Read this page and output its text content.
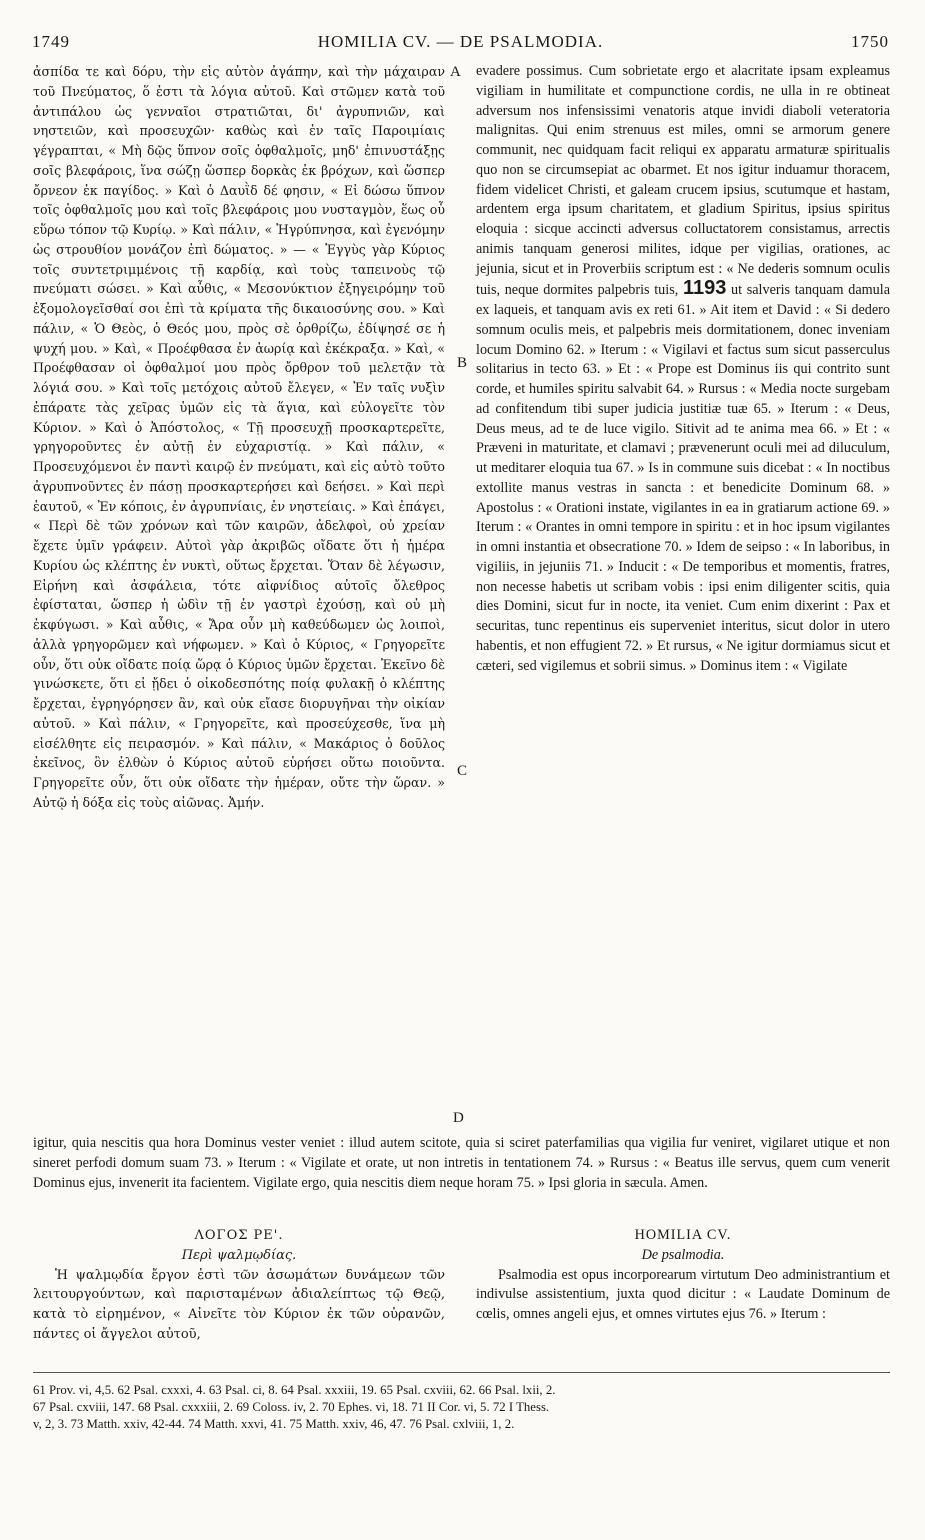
1749	HOMILIA CV. — DE PSALMODIA.	1750

ἀσπίδα τε καὶ δόρυ, τὴν εἰς αὐτὸν ἀγάπην, καὶ τὴν μάχαιραν τοῦ Πνεύματος, ὅ ἐστι τὰ λόγια αὐτοῦ. Καὶ στῶμεν κατὰ τοῦ ἀντιπάλου ὡς γενναῖοι στρατιῶται, δι' ἀγρυπνιῶν, καὶ νηστειῶν, καὶ προσευχῶν· καθὼς καὶ ἐν ταῖς Παροιμίαις γέγραπται, « Μὴ δῷς ὕπνον σοῖς ὀφθαλμοῖς, μηδ' ἐπινυστάξῃς σοῖς βλεφάροις, ἵνα σώζῃ ὥσπερ δορκὰς ἐκ βρόχων, καὶ ὥσπερ ὄρνεον ἐκ παγίδος. » Καὶ ὁ Δαυῒδ δέ φησιν, « Εἰ δώσω ὕπνον τοῖς ὀφθαλμοῖς μου καὶ τοῖς βλεφάροις μου νυσταγμὸν, ἕως οὗ εὕρω τόπον τῷ Κυρίῳ. » Καὶ πάλιν, « Ἠγρύπνησα, καὶ ἐγενόμην ὡς στρουθίον μονάζον ἐπὶ δώματος. » — « Ἐγγὺς γὰρ Κύριος τοῖς συντετριμμένοις τῇ καρδίᾳ, καὶ τοὺς ταπεινοὺς τῷ πνεύματι σώσει. » Καὶ αὖθις, « Μεσονύκτιον ἐξηγειρόμην τοῦ ἐξομολογεῖσθαί σοι ἐπὶ τὰ κρίματα τῆς δικαιοσύνης σου. » Καὶ πάλιν, « Ὁ Θεὸς, ὁ Θεός μου, πρὸς σὲ ὀρθρίζω, ἐδίψησέ σε ἡ ψυχή μου. » Καὶ, « Προέφθασα ἐν ἀωρίᾳ καὶ ἐκέκραξα. » Καὶ, « Προέφθασαν οἱ ὀφθαλμοί μου πρὸς ὄρθρον τοῦ μελετᾷν τὰ λόγιά σου. » Καὶ τοῖς μετόχοις αὐτοῦ ἔλεγεν, « Ἐν ταῖς νυξὶν ἐπάρατε τὰς χεῖρας ὑμῶν εἰς τὰ ἅγια, καὶ εὐλογεῖτε τὸν Κύριον. » Καὶ ὁ Ἀπόστολος, « Τῇ προσευχῇ προσκαρτερεῖτε, γρηγοροῦντες ἐν αὐτῇ ἐν εὐχαριστίᾳ. » Καὶ πάλιν, « Προσευχόμενοι ἐν παντὶ καιρῷ ἐν πνεύματι, καὶ εἰς αὐτὸ τοῦτο ἀγρυπνοῦντες ἐν πάσῃ προσκαρτερήσει καὶ δεήσει. » Καὶ περὶ ἑαυτοῦ, « Ἐν κόποις, ἐν ἀγρυπνίαις, ἐν νηστείαις. » Καὶ ἐπάγει, « Περὶ δὲ τῶν χρόνων καὶ τῶν καιρῶν, ἀδελφοὶ, οὐ χρείαν ἔχετε ὑμῖν γράφειν. Αὐτοὶ γὰρ ἀκριβῶς οἴδατε ὅτι ἡ ἡμέρα Κυρίου ὡς κλέπτης ἐν νυκτὶ, οὕτως ἔρχεται. Ὅταν δὲ λέγωσιν, Εἰρήνη καὶ ἀσφάλεια, τότε αἰφνίδιος αὐτοῖς ὄλεθρος ἐφίσταται, ὥσπερ ἡ ὠδὶν τῇ ἐν γαστρὶ ἐχούσῃ, καὶ οὐ μὴ ἐκφύγωσι. » Καὶ αὖθις, « Ἄρα οὖν μὴ καθεύδωμεν ὡς λοιποὶ, ἀλλὰ γρηγορῶμεν καὶ νήφωμεν. » Καὶ ὁ Κύριος, « Γρηγορεῖτε οὖν, ὅτι οὐκ οἴδατε ποίᾳ ὥρᾳ ὁ Κύριος ὑμῶν ἔρχεται. Ἐκεῖνο δὲ γινώσκετε, ὅτι εἰ ᾔδει ὁ οἰκοδεσπότης ποίᾳ φυλακῇ ὁ κλέπτης ἔρχεται, ἐγρηγόρησεν ἂν, καὶ οὐκ εἴασε διορυγῆναι τὴν οἰκίαν αὐτοῦ. » Καὶ πάλιν, « Γρηγορεῖτε, καὶ προσεύχεσθε, ἵνα μὴ εἰσέλθητε εἰς πειρασμόν. » Καὶ πάλιν, « Μακάριος ὁ δοῦλος ἐκεῖνος, ὃν ἐλθὼν ὁ Κύριος αὐτοῦ εὑρήσει οὕτω ποιοῦντα. Γρηγορεῖτε οὖν, ὅτι οὐκ οἴδατε τὴν ἡμέραν, οὔτε τὴν ὥραν. » Αὐτῷ ἡ δόξα εἰς τοὺς αἰῶνας. Ἀμήν.

evadere possimus. Cum sobrietate ergo et alacritate ipsam expleamus vigiliam in humilitate et compunctione cordis, ne ulla in re obtineat adversum nos infensissimi venatoris atque invidi diaboli veteratoria malignitas. Qui enim strenuus est miles, omni se armorum genere communit, nec quidquam facit reliqui ex apparatu armaturæ spiritualis quo non se circumsepiat ac obarmet. Et nos igitur induamur thoracem, fidem videlicet Christi, et galeam crucem ipsius, scutumque et hastam, ardentem erga ipsum charitatem, et gladium Spiritus, ipsius spiritus eloquia : sicque accincti adversus colluctatorem consistamus, arrectis animis tanquam generosi milites, idque per vigilias, orationes, ac jejunia, sicut et in Proverbiis scriptum est : « Ne dederis somnum oculis tuis, neque dormites palpebris tuis, 1193 ut salveris tanquam damula ex laqueis, et tanquam avis ex reti 61. » Ait item et David : « Si dedero somnum oculis meis, et palpebris meis dormitationem, donec inveniam locum Domino 62. » Iterum : « Vigilavi et factus sum sicut passerculus solitarius in tecto 63. » Et : « Prope est Dominus iis qui contrito sunt corde, et humiles spiritu salvabit 64. » Rursus : « Media nocte surgebam ad confitendum tibi super judicia justitiæ tuæ 65. » Iterum : « Deus, Deus meus, ad te de luce vigilo. Sitivit ad te anima mea 66. » Et : « Præveni in maturitate, et clamavi ; prævenerunt oculi mei ad diluculum, ut meditarer eloquia tua 67. » Is in commune suis dicebat : « In noctibus extollite manus vestras in sancta : et benedicite Dominum 68. » Apostolus : « Orationi instate, vigilantes in ea in gratiarum actione 69. » Iterum : « Orantes in omni tempore in spiritu : et in hoc ipsum vigilantes in omni instantia et obsecratione 70. » Idem de seipso : « In laboribus, in vigiliis, in jejuniis 71. » Inducit : « De temporibus et momentis, fratres, non necesse habetis ut scribam vobis : ipsi enim diligenter scitis, quia dies Domini, sicut fur in nocte, ita veniet. Cum enim dixerint : Pax et securitas, tunc repentinus eis superveniet interitus, sicut dolor in utero habentis, et non effugient 72. » Et rursus, « Ne igitur dormiamus sicut et cæteri, sed vigilemus et sobrii simus. » Dominus item : « Vigilate

A
B
C
D

igitur, quia nescitis qua hora Dominus vester veniet : illud autem scitote, quia si sciret paterfamilias qua vigilia fur veniret, vigilaret utique et non sineret perfodi domum suam 73. » Iterum : « Vigilate et orate, ut non intretis in tentationem 74. » Rursus : « Beatus ille servus, quem cum venerit Dominus ejus, invenerit ita facientem. Vigilate ergo, quia nescitis diem neque horam 75. » Ipsi gloria in sæcula. Amen.

ΛΟΓΟΣ ΡΕ'.
Περὶ ψαλμῳδίας.
Ἡ ψαλμῳδία ἔργον ἐστὶ τῶν ἀσωμάτων δυνάμεων τῶν λειτουργούντων, καὶ παρισταμένων ἀδιαλείπτως τῷ Θεῷ, κατὰ τὸ εἰρημένον, « Αἰνεῖτε τὸν Κύριον ἐκ τῶν οὐρανῶν, πάντες οἱ ἄγγελοι αὐτοῦ,
HOMILIA CV.
De psalmodia.
Psalmodia est opus incorporearum virtutum Deo administrantium et indivulse assistentium, juxta quod dicitur : « Laudate Dominum de cœlis, omnes angeli ejus, et omnes virtutes ejus 76. » Iterum :

61 Prov. vi, 4,5. 62 Psal. cxxxi, 4. 63 Psal. ci, 8. 64 Psal. xxxiii, 19. 65 Psal. cxviii, 62. 66 Psal. lxii, 2.

67 Psal. cxviii, 147. 68 Psal. cxxxiii, 2. 69 Coloss. iv, 2. 70 Ephes. vi, 18. 71 II Cor. vi, 5. 72 I Thess.

v, 2, 3. 73 Matth. xxiv, 42-44. 74 Matth. xxvi, 41. 75 Matth. xxiv, 46, 47. 76 Psal. cxlviii, 1, 2.
